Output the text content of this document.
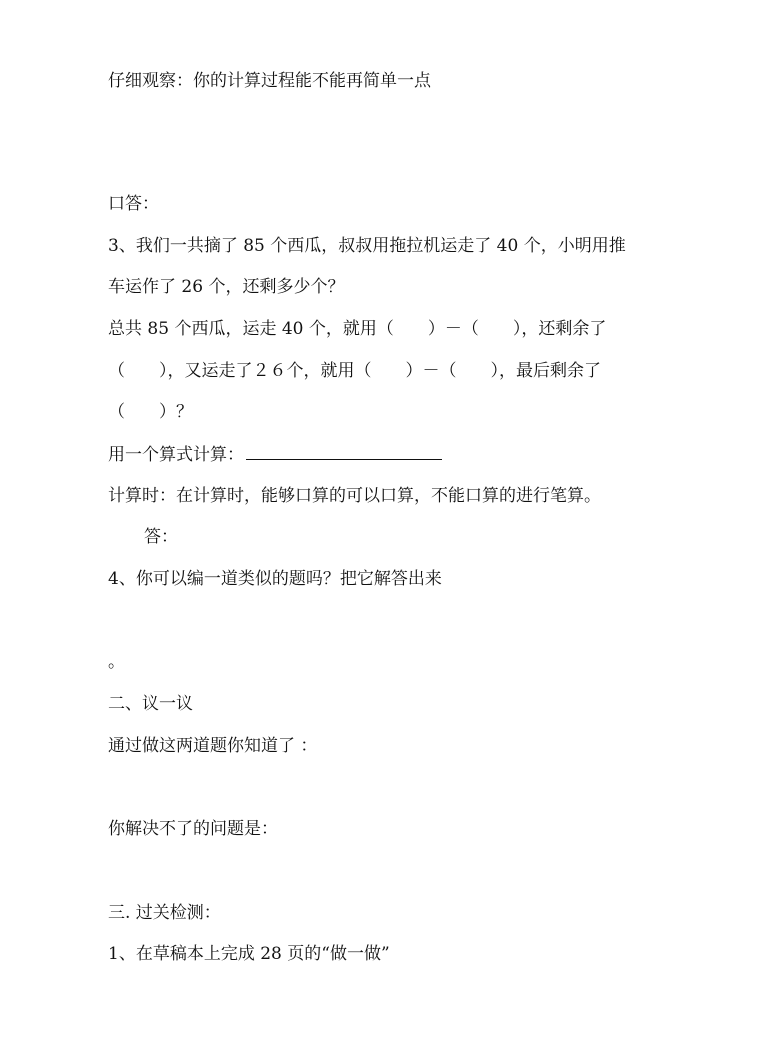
仔细观察：你的计算过程能不能再简单一点
口答：
3、我们一共摘了 85 个西瓜，叔叔用拖拉机运走了 40 个，小明用推
车运作了 26 个，还剩多少个？
总共 85 个西瓜，运走 40 个，就用（　　）－（　　），还剩余了
（　　），又运走了２６个，就用（　　）－（　　），最后剩余了
（　　）？
用一个算式计算：
计算时：在计算时，能够口算的可以口算，不能口算的进行笔算。
答：
4、你可以编一道类似的题吗？把它解答出来
。
二、议一议
通过做这两道题你知道了 ：
你解决不了的问题是：
三. 过关检测：
1、在草稿本上完成 28 页的“做一做”
